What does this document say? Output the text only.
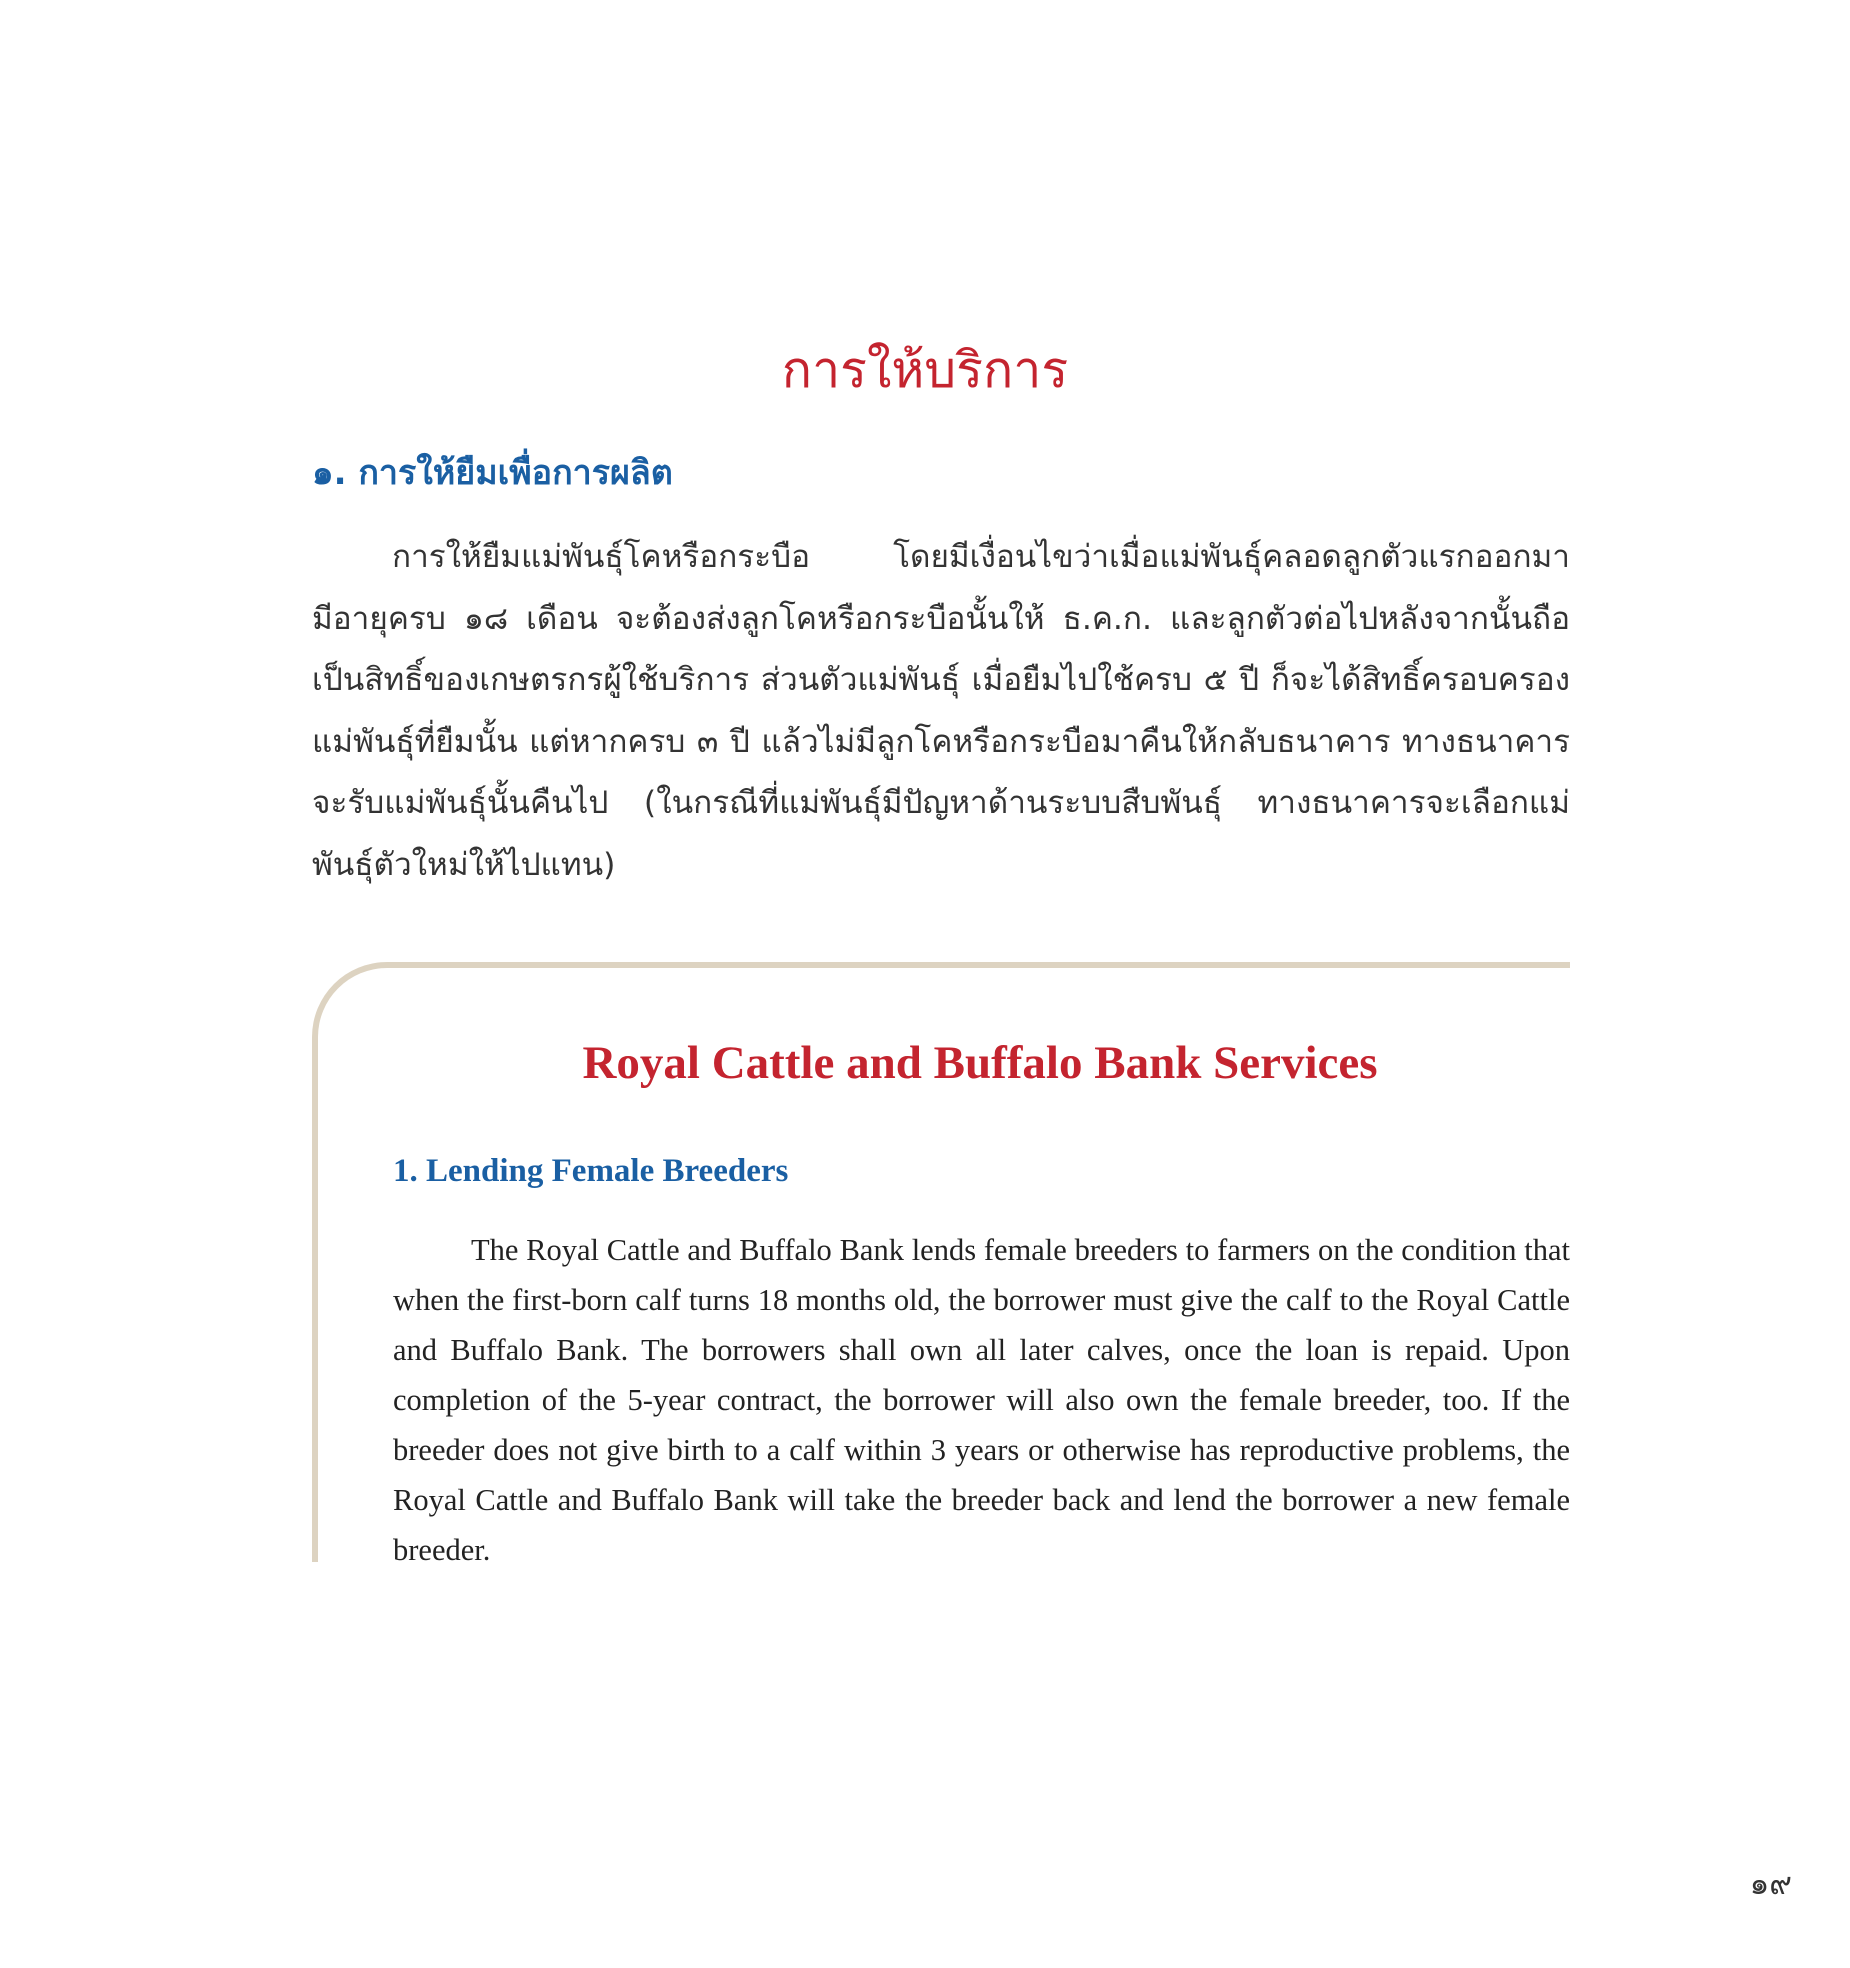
การให้บริการ
๑. การให้ยืมเพื่อการผลิต

การให้ยืมแม่พันธุ์โคหรือกระบือ โดยมีเงื่อนไขว่าเมื่อแม่พันธุ์คลอดลูกตัวแรกออกมามีอายุครบ ๑๘ เดือน จะต้องส่งลูกโคหรือกระบือนั้นให้ ธ.ค.ก. และลูกตัวต่อไปหลังจากนั้นถือเป็นสิทธิ์ของเกษตรกรผู้ใช้บริการ ส่วนตัวแม่พันธุ์ เมื่อยืมไปใช้ครบ ๕ ปี ก็จะได้สิทธิ์ครอบครองแม่พันธุ์ที่ยืมนั้น แต่หากครบ ๓ ปี แล้วไม่มีลูกโคหรือกระบือมาคืนให้กลับธนาคาร ทางธนาคารจะรับแม่พันธุ์นั้นคืนไป (ในกรณีที่แม่พันธุ์มีปัญหาด้านระบบสืบพันธุ์ ทางธนาคารจะเลือกแม่พันธุ์ตัวใหม่ให้ไปแทน)

Royal Cattle and Buffalo Bank Services
1. Lending Female Breeders

The Royal Cattle and Buffalo Bank lends female breeders to farmers on the condition that when the first-born calf turns 18 months old, the borrower must give the calf to the Royal Cattle and Buffalo Bank. The borrowers shall own all later calves, once the loan is repaid. Upon completion of the 5-year contract, the borrower will also own the female breeder, too. If the breeder does not give birth to a calf within 3 years or otherwise has reproductive problems, the Royal Cattle and Buffalo Bank will take the breeder back and lend the borrower a new female breeder.

๑๙
